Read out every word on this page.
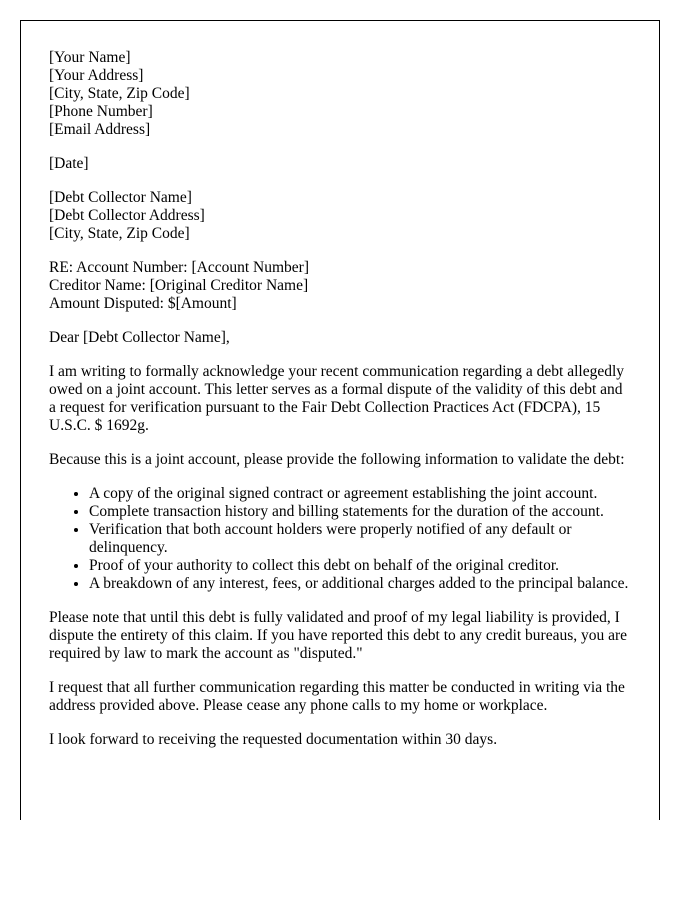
[Your Name]
[Your Address]
[City, State, Zip Code]
[Phone Number]
[Email Address]
[Date]
[Debt Collector Name]
[Debt Collector Address]
[City, State, Zip Code]
RE: Account Number: [Account Number]
Creditor Name: [Original Creditor Name]
Amount Disputed: $[Amount]

Dear [Debt Collector Name],

I am writing to formally acknowledge your recent communication regarding a debt allegedly owed on a joint account. This letter serves as a formal dispute of the validity of this debt and a request for verification pursuant to the Fair Debt Collection Practices Act (FDCPA), 15 U.S.C. $ 1692g.

Because this is a joint account, please provide the following information to validate the debt:

• A copy of the original signed contract or agreement establishing the joint account.
• Complete transaction history and billing statements for the duration of the account.
• Verification that both account holders were properly notified of any default or delinquency.
• Proof of your authority to collect this debt on behalf of the original creditor.
• A breakdown of any interest, fees, or additional charges added to the principal balance.

Please note that until this debt is fully validated and proof of my legal liability is provided, I dispute the entirety of this claim. If you have reported this debt to any credit bureaus, you are required by law to mark the account as "disputed."

I request that all further communication regarding this matter be conducted in writing via the address provided above. Please cease any phone calls to my home or workplace.

I look forward to receiving the requested documentation within 30 days.
